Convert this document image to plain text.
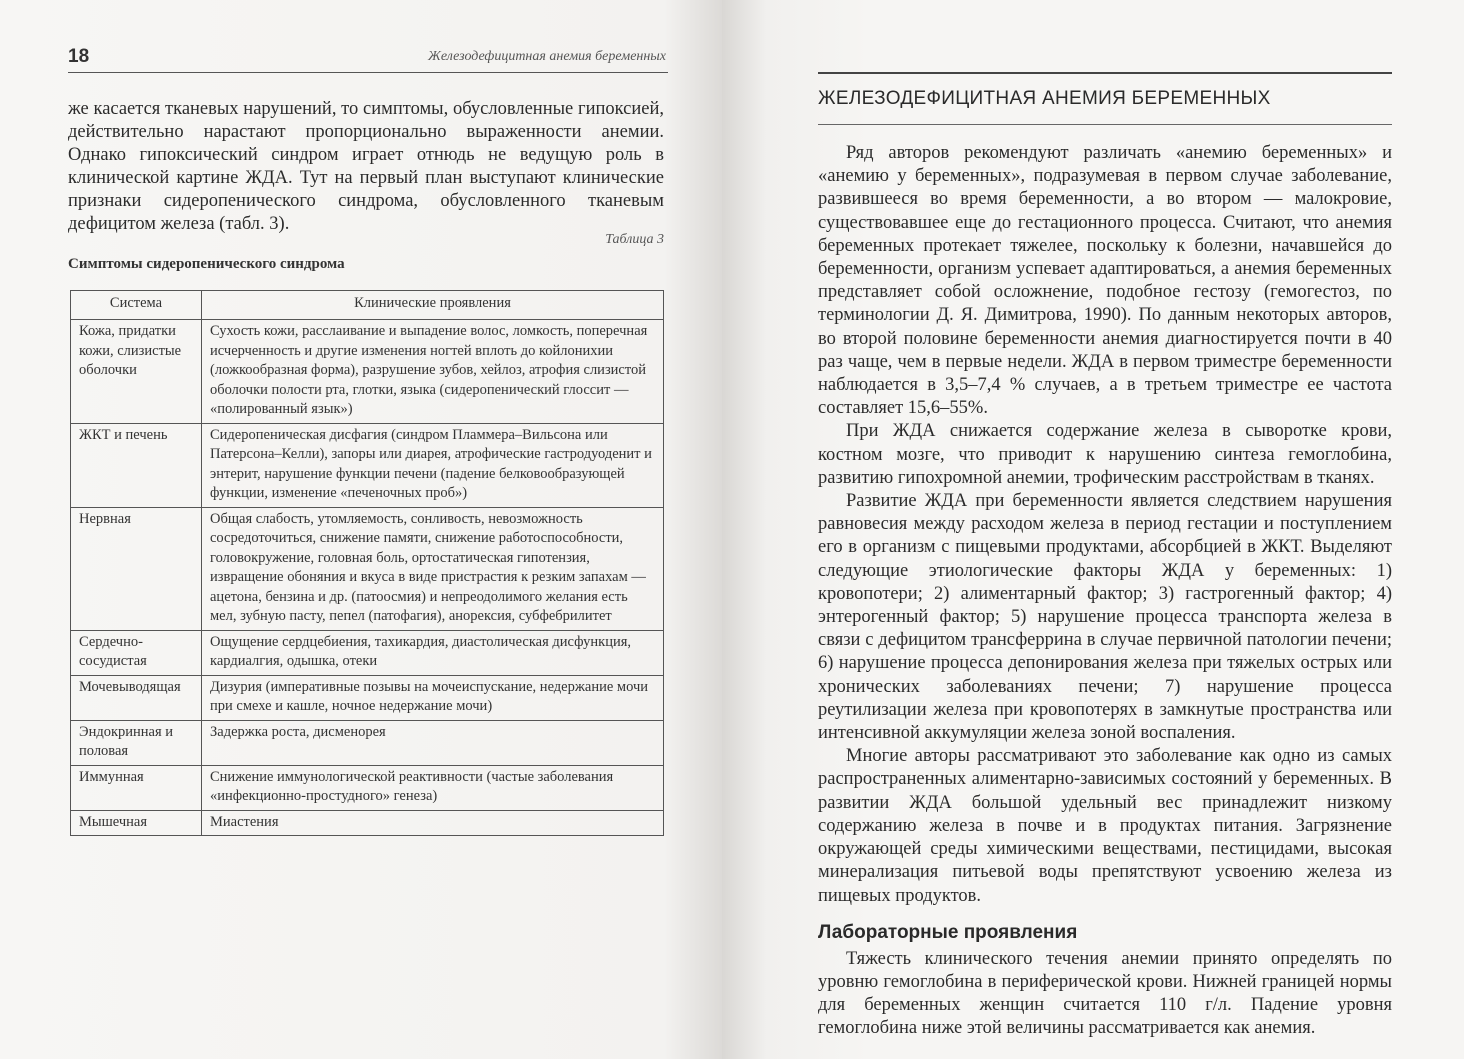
18	Железодефицитная анемия беременных
же касается тканевых нарушений, то симптомы, обусловленные гипоксией, действительно нарастают пропорционально выраженности анемии. Однако гипоксический синдром играет отнюдь не ведущую роль в клинической картине ЖДА. Тут на первый план выступают клинические признаки сидеропенического синдрома, обусловленного тканевым дефицитом железа (табл. 3).
Таблица 3
Симптомы сидеропенического синдрома
Система	Клинические проявления
Кожа, придатки кожи, слизистые оболочки	Сухость кожи, расслаивание и выпадение волос, ломкость, поперечная исчерченность и другие изменения ногтей вплоть до койлонихии (ложкообразная форма), разрушение зубов, хейлоз, атрофия слизистой оболочки полости рта, глотки, языка (сидеропенический глоссит — «полированный язык»)
ЖКТ и печень	Сидеропеническая дисфагия (синдром Пламмера–Вильсона или Патерсона–Келли), запоры или диарея, атрофические гастродуоденит и энтерит, нарушение функции печени (падение белковообразующей функции, изменение «печеночных проб»)
Нервная	Общая слабость, утомляемость, сонливость, невозможность сосредоточиться, снижение памяти, снижение работоспособности, головокружение, головная боль, ортостатическая гипотензия, извращение обоняния и вкуса в виде пристрастия к резким запахам — ацетона, бензина и др. (патоосмия) и непреодолимого желания есть мел, зубную пасту, пепел (патофагия), анорексия, субфебрилитет
Сердечно-сосудистая	Ощущение сердцебиения, тахикардия, диастолическая дисфункция, кардиалгия, одышка, отеки
Мочевыводящая	Дизурия (императивные позывы на мочеиспускание, недержание мочи при смехе и кашле, ночное недержание мочи)
Эндокринная и половая	Задержка роста, дисменорея
Иммунная	Снижение иммунологической реактивности (частые заболевания «инфекционно-простудного» генеза)
Мышечная	Миастения
ЖЕЛЕЗОДЕФИЦИТНАЯ АНЕМИЯ БЕРЕМЕННЫХ

Ряд авторов рекомендуют различать «анемию беременных» и «анемию у беременных», подразумевая в первом случае заболевание, развившееся во время беременности, а во втором — малокровие, существовавшее еще до гестационного процесса. Считают, что анемия беременных протекает тяжелее, поскольку к болезни, начавшейся до беременности, организм успевает адаптироваться, а анемия беременных представляет собой осложнение, подобное гестозу (гемогестоз, по терминологии Д. Я. Димитрова, 1990). По данным некоторых авторов, во второй половине беременности анемия диагностируется почти в 40 раз чаще, чем в первые недели. ЖДА в первом триместре беременности наблюдается в 3,5–7,4 % случаев, а в третьем триместре ее частота составляет 15,6–55%.

При ЖДА снижается содержание железа в сыворотке крови, костном мозге, что приводит к нарушению синтеза гемоглобина, развитию гипохромной анемии, трофическим расстройствам в тканях.

Развитие ЖДА при беременности является следствием нарушения равновесия между расходом железа в период гестации и поступлением его в организм с пищевыми продуктами, абсорбцией в ЖКТ. Выделяют следующие этиологические факторы ЖДА у беременных: 1) кровопотери; 2) алиментарный фактор; 3) гастрогенный фактор; 4) энтерогенный фактор; 5) нарушение процесса транспорта железа в связи с дефицитом трансферрина в случае первичной патологии печени; 6) нарушение процесса депонирования железа при тяжелых острых или хронических заболеваниях печени; 7) нарушение процесса реутилизации железа при кровопотерях в замкнутые пространства или интенсивной аккумуляции железа зоной воспаления.

Многие авторы рассматривают это заболевание как одно из самых распространенных алиментарно-зависимых состояний у беременных. В развитии ЖДА большой удельный вес принадлежит низкому содержанию железа в почве и в продуктах питания. Загрязнение окружающей среды химическими веществами, пестицидами, высокая минерализация питьевой воды препятствуют усвоению железа из пищевых продуктов.

Лабораторные проявления

Тяжесть клинического течения анемии принято определять по уровню гемоглобина в периферической крови. Нижней границей нормы для беременных женщин считается 110 г/л. Падение уровня гемоглобина ниже этой величины рассматривается как анемия.
